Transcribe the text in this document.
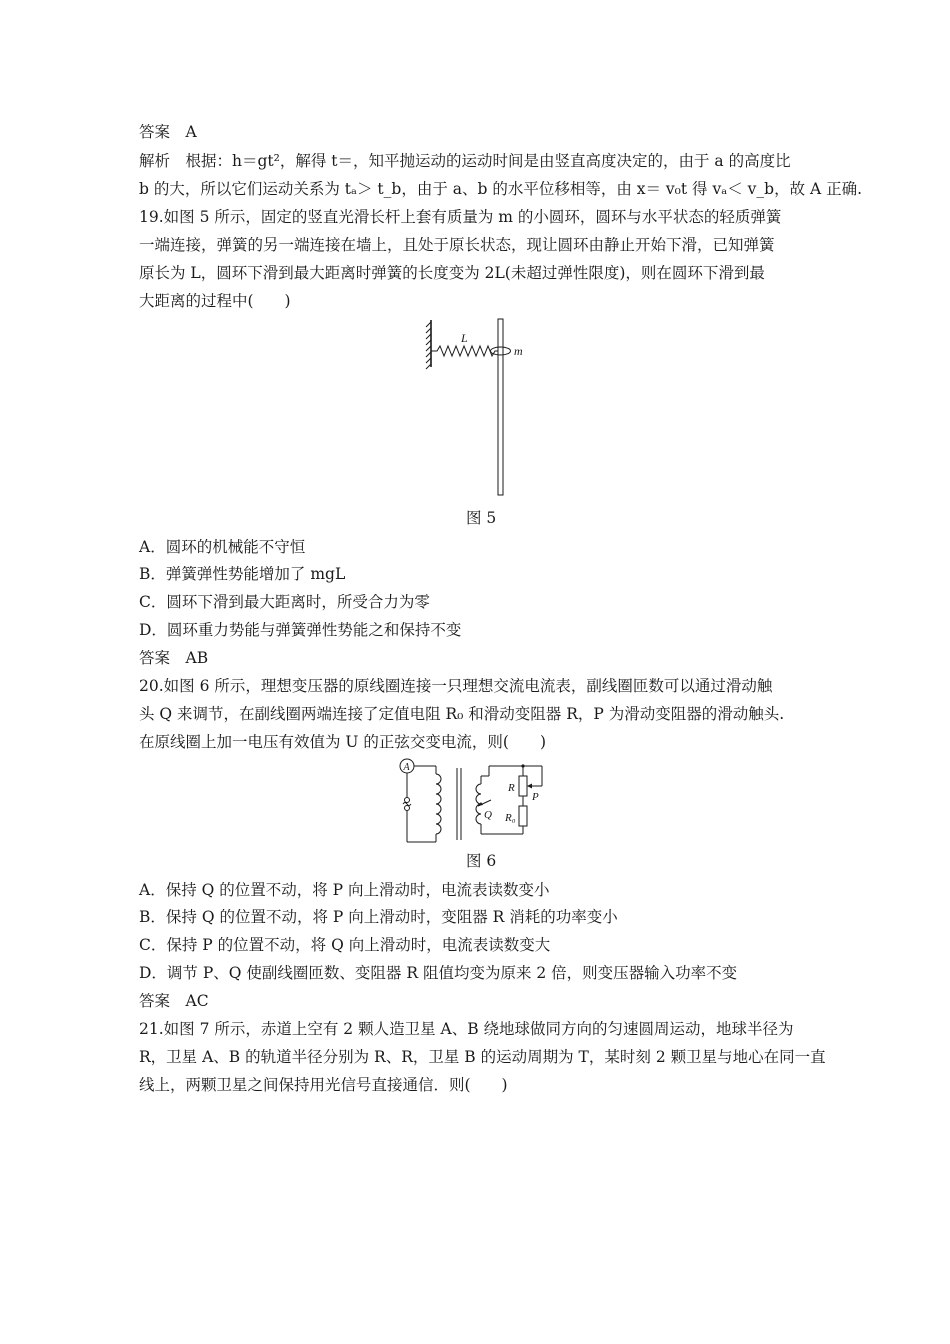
答案　A
解析　根据：h＝gt²，解得 t＝，知平抛运动的运动时间是由竖直高度决定的，由于 a 的高度比
b 的大，所以它们运动关系为 tₐ＞ t_b，由于 a、b 的水平位移相等，由 x＝ v₀t 得 vₐ＜ v_b，故 A 正确.
19.如图 5 所示，固定的竖直光滑长杆上套有质量为 m 的小圆环，圆环与水平状态的轻质弹簧
一端连接，弹簧的另一端连接在墙上，且处于原长状态，现让圆环由静止开始下滑，已知弹簧
原长为 L，圆环下滑到最大距离时弹簧的长度变为 2L(未超过弹性限度)，则在圆环下滑到最
大距离的过程中(　　)
L
m
图 5
A．圆环的机械能不守恒
B．弹簧弹性势能增加了 mgL
C．圆环下滑到最大距离时，所受合力为零
D．圆环重力势能与弹簧弹性势能之和保持不变
答案　AB
20.如图 6 所示，理想变压器的原线圈连接一只理想交流电流表，副线圈匝数可以通过滑动触
头 Q 来调节，在副线圈两端连接了定值电阻 R₀ 和滑动变阻器 R，P 为滑动变阻器的滑动触头.
在原线圈上加一电压有效值为 U 的正弦交变电流，则(　　)
A
Q
R
R₀
P
图 6
A．保持 Q 的位置不动，将 P 向上滑动时，电流表读数变小
B．保持 Q 的位置不动，将 P 向上滑动时，变阻器 R 消耗的功率变小
C．保持 P 的位置不动，将 Q 向上滑动时，电流表读数变大
D．调节 P、Q 使副线圈匝数、变阻器 R 阻值均变为原来 2 倍，则变压器输入功率不变
答案　AC
21.如图 7 所示，赤道上空有 2 颗人造卫星 A、B 绕地球做同方向的匀速圆周运动，地球半径为
R，卫星 A、B 的轨道半径分别为 R、R，卫星 B 的运动周期为 T，某时刻 2 颗卫星与地心在同一直
线上，两颗卫星之间保持用光信号直接通信．则(　　)
